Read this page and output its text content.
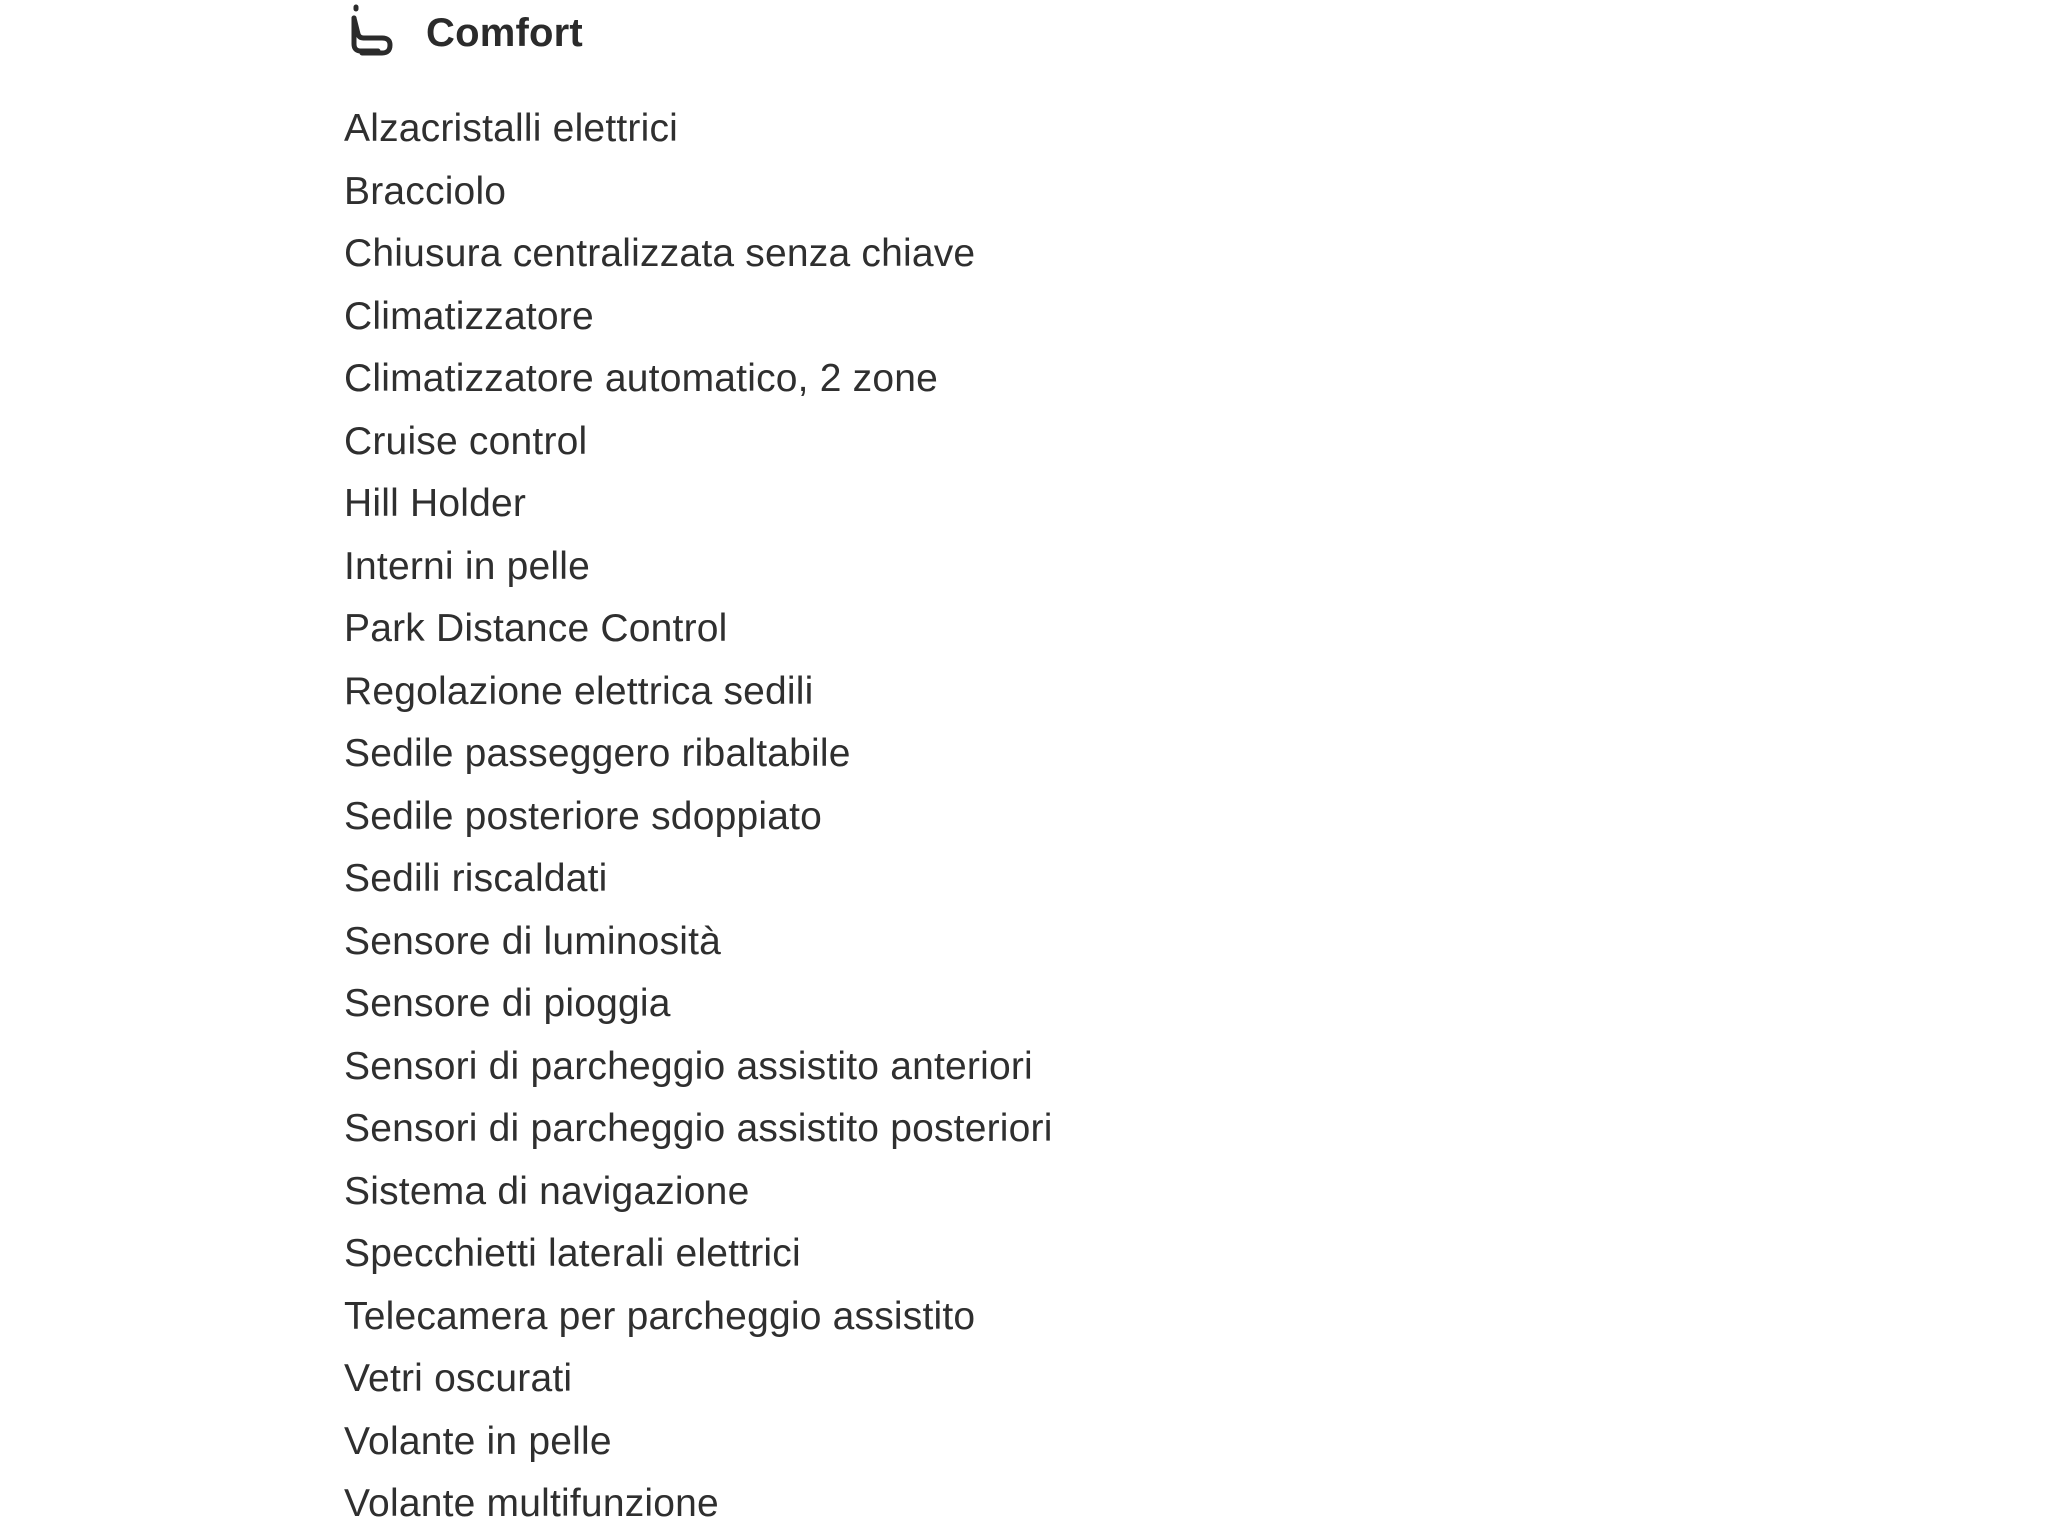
Comfort
Alzacristalli elettrici
Bracciolo
Chiusura centralizzata senza chiave
Climatizzatore
Climatizzatore automatico, 2 zone
Cruise control
Hill Holder
Interni in pelle
Park Distance Control
Regolazione elettrica sedili
Sedile passeggero ribaltabile
Sedile posteriore sdoppiato
Sedili riscaldati
Sensore di luminosità
Sensore di pioggia
Sensori di parcheggio assistito anteriori
Sensori di parcheggio assistito posteriori
Sistema di navigazione
Specchietti laterali elettrici
Telecamera per parcheggio assistito
Vetri oscurati
Volante in pelle
Volante multifunzione
